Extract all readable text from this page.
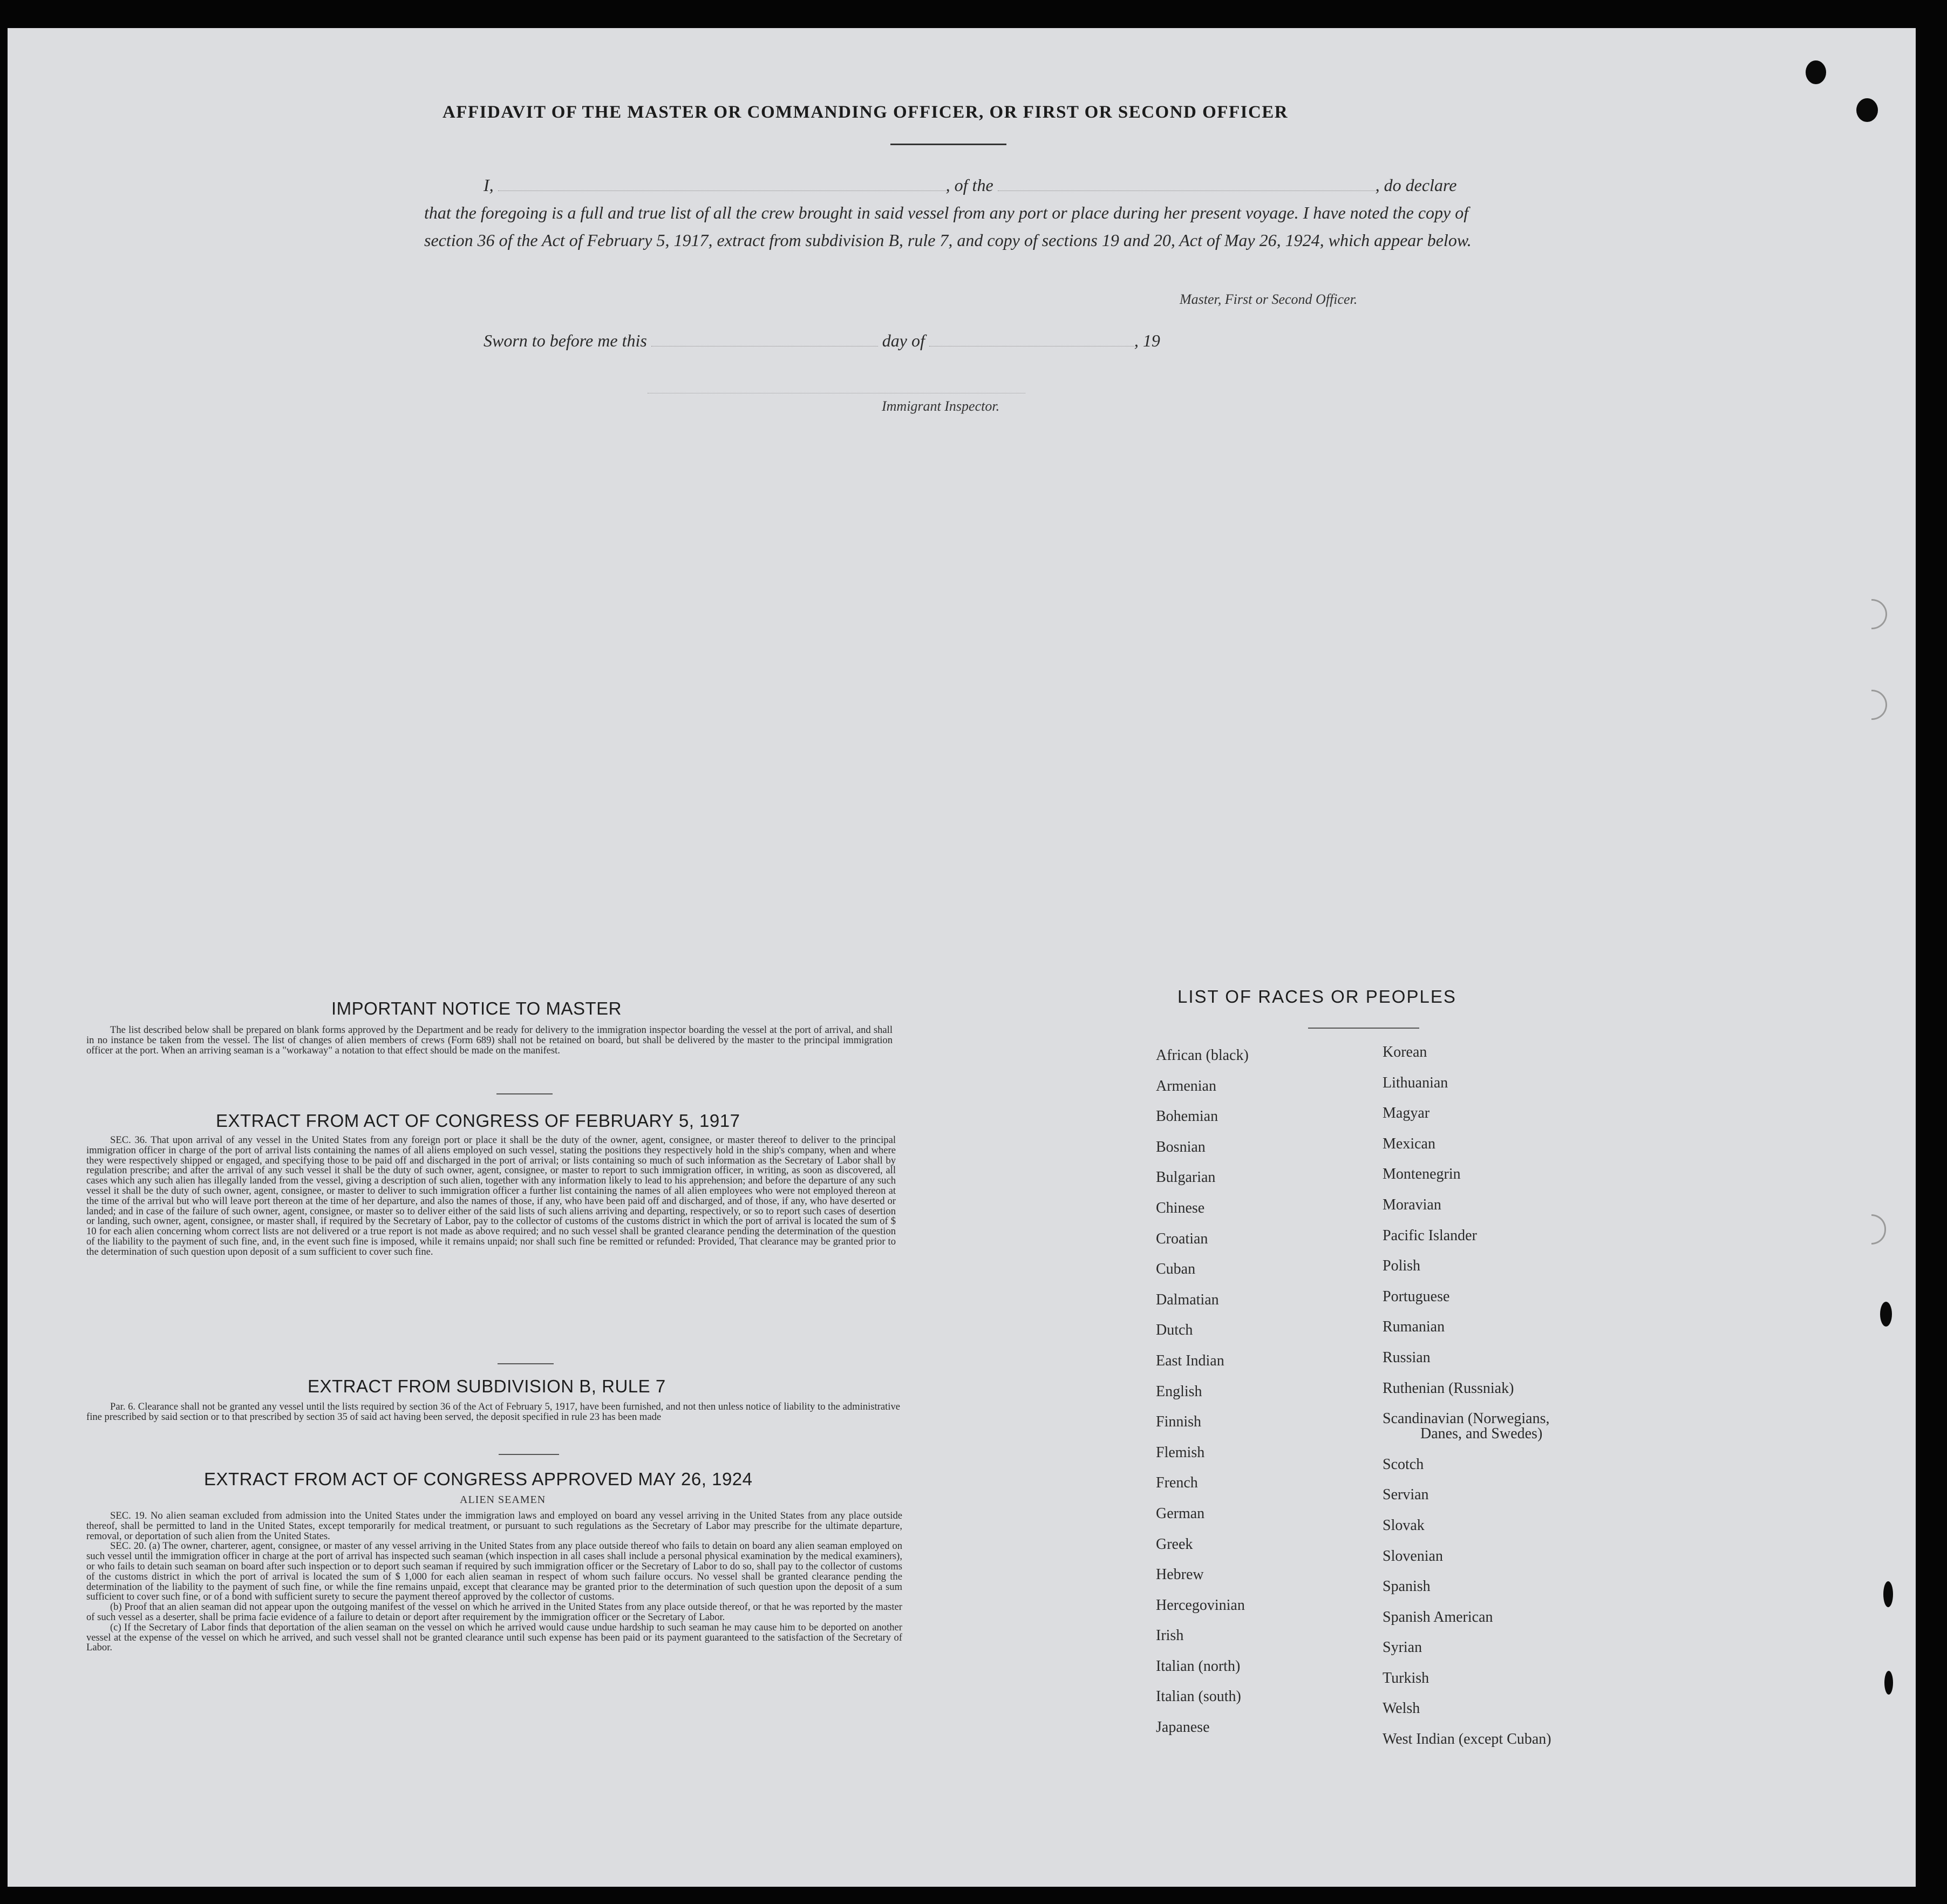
AFFIDAVIT OF THE MASTER OR COMMANDING OFFICER, OR FIRST OR SECOND OFFICER
I,	, of the	, do declare
that the foregoing is a full and true list of all the crew brought in said vessel from any port or place during her present voyage. I have noted the copy of section 36 of the Act of February 5, 1917, extract from subdivision B, rule 7, and copy of sections 19 and 20, Act of May 26, 1924, which appear below.
Master, First or Second Officer.
Sworn to before me this	day of	, 19
Immigrant Inspector.
IMPORTANT NOTICE TO MASTER
The list described below shall be prepared on blank forms approved by the Department and be ready for delivery to the immigration inspector boarding the vessel at the port of arrival, and shall in no instance be taken from the vessel. The list of changes of alien members of crews (Form 689) shall not be retained on board, but shall be delivered by the master to the principal immigration officer at the port. When an arriving seaman is a "workaway" a notation to that effect should be made on the manifest.
EXTRACT FROM ACT OF CONGRESS OF FEBRUARY 5, 1917
SEC. 36. That upon arrival of any vessel in the United States from any foreign port or place it shall be the duty of the owner, agent, consignee, or master thereof to deliver to the principal immigration officer in charge of the port of arrival lists containing the names of all aliens employed on such vessel, stating the positions they respectively hold in the ship's company, when and where they were respectively shipped or engaged, and specifying those to be paid off and discharged in the port of arrival; or lists containing so much of such information as the Secretary of Labor shall by regulation prescribe; and after the arrival of any such vessel it shall be the duty of such owner, agent, consignee, or master to report to such immigration officer, in writing, as soon as discovered, all cases which any such alien has illegally landed from the vessel, giving a description of such alien, together with any information likely to lead to his apprehension; and before the departure of any such vessel it shall be the duty of such owner, agent, consignee, or master to deliver to such immigration officer a further list containing the names of all alien employees who were not employed thereon at the time of the arrival but who will leave port thereon at the time of her departure, and also the names of those, if any, who have been paid off and discharged, and of those, if any, who have deserted or landed; and in case of the failure of such owner, agent, consignee, or master so to deliver either of the said lists of such aliens arriving and departing, respectively, or so to report such cases of desertion or landing, such owner, agent, consignee, or master shall, if required by the Secretary of Labor, pay to the collector of customs of the customs district in which the port of arrival is located the sum of $ 10 for each alien concerning whom correct lists are not delivered or a true report is not made as above required; and no such vessel shall be granted clearance pending the determination of the question of the liability to the payment of such fine, and, in the event such fine is imposed, while it remains unpaid; nor shall such fine be remitted or refunded: Provided, That clearance may be granted prior to the determination of such question upon deposit of a sum sufficient to cover such fine.
EXTRACT FROM SUBDIVISION B, RULE 7
Par. 6. Clearance shall not be granted any vessel until the lists required by section 36 of the Act of February 5, 1917, have been furnished, and not then unless notice of liability to the administrative fine prescribed by said section or to that prescribed by section 35 of said act having been served, the deposit specified in rule 23 has been made
EXTRACT FROM ACT OF CONGRESS APPROVED MAY 26, 1924
ALIEN SEAMEN
SEC. 19. No alien seaman excluded from admission into the United States under the immigration laws and employed on board any vessel arriving in the United States from any place outside thereof, shall be permitted to land in the United States, except temporarily for medical treatment, or pursuant to such regulations as the Secretary of Labor may prescribe for the ultimate departure, removal, or deportation of such alien from the United States.
SEC. 20. (a) The owner, charterer, agent, consignee, or master of any vessel arriving in the United States from any place outside thereof who fails to detain on board any alien seaman employed on such vessel until the immigration officer in charge at the port of arrival has inspected such seaman (which inspection in all cases shall include a personal physical examination by the medical examiners), or who fails to detain such seaman on board after such inspection or to deport such seaman if required by such immigration officer or the Secretary of Labor to do so, shall pay to the collector of customs of the customs district in which the port of arrival is located the sum of $ 1,000 for each alien seaman in respect of whom such failure occurs. No vessel shall be granted clearance pending the determination of the liability to the payment of such fine, or while the fine remains unpaid, except that clearance may be granted prior to the determination of such question upon the deposit of a sum sufficient to cover such fine, or of a bond with sufficient surety to secure the payment thereof approved by the collector of customs.
(b) Proof that an alien seaman did not appear upon the outgoing manifest of the vessel on which he arrived in the United States from any place outside thereof, or that he was reported by the master of such vessel as a deserter, shall be prima facie evidence of a failure to detain or deport after requirement by the immigration officer or the Secretary of Labor.
(c) If the Secretary of Labor finds that deportation of the alien seaman on the vessel on which he arrived would cause undue hardship to such seaman he may cause him to be deported on another vessel at the expense of the vessel on which he arrived, and such vessel shall not be granted clearance until such expense has been paid or its payment guaranteed to the satisfaction of the Secretary of Labor.
LIST OF RACES OR PEOPLES
African (black)
Armenian
Bohemian
Bosnian
Bulgarian
Chinese
Croatian
Cuban
Dalmatian
Dutch
East Indian
English
Finnish
Flemish
French
German
Greek
Hebrew
Hercegovinian
Irish
Italian (north)
Italian (south)
Japanese
Korean
Lithuanian
Magyar
Mexican
Montenegrin
Moravian
Pacific Islander
Polish
Portuguese
Rumanian
Russian
Ruthenian (Russniak)
Scandinavian (Norwegians,
Danes, and Swedes)
Scotch
Servian
Slovak
Slovenian
Spanish
Spanish American
Syrian
Turkish
Welsh
West Indian (except Cuban)
